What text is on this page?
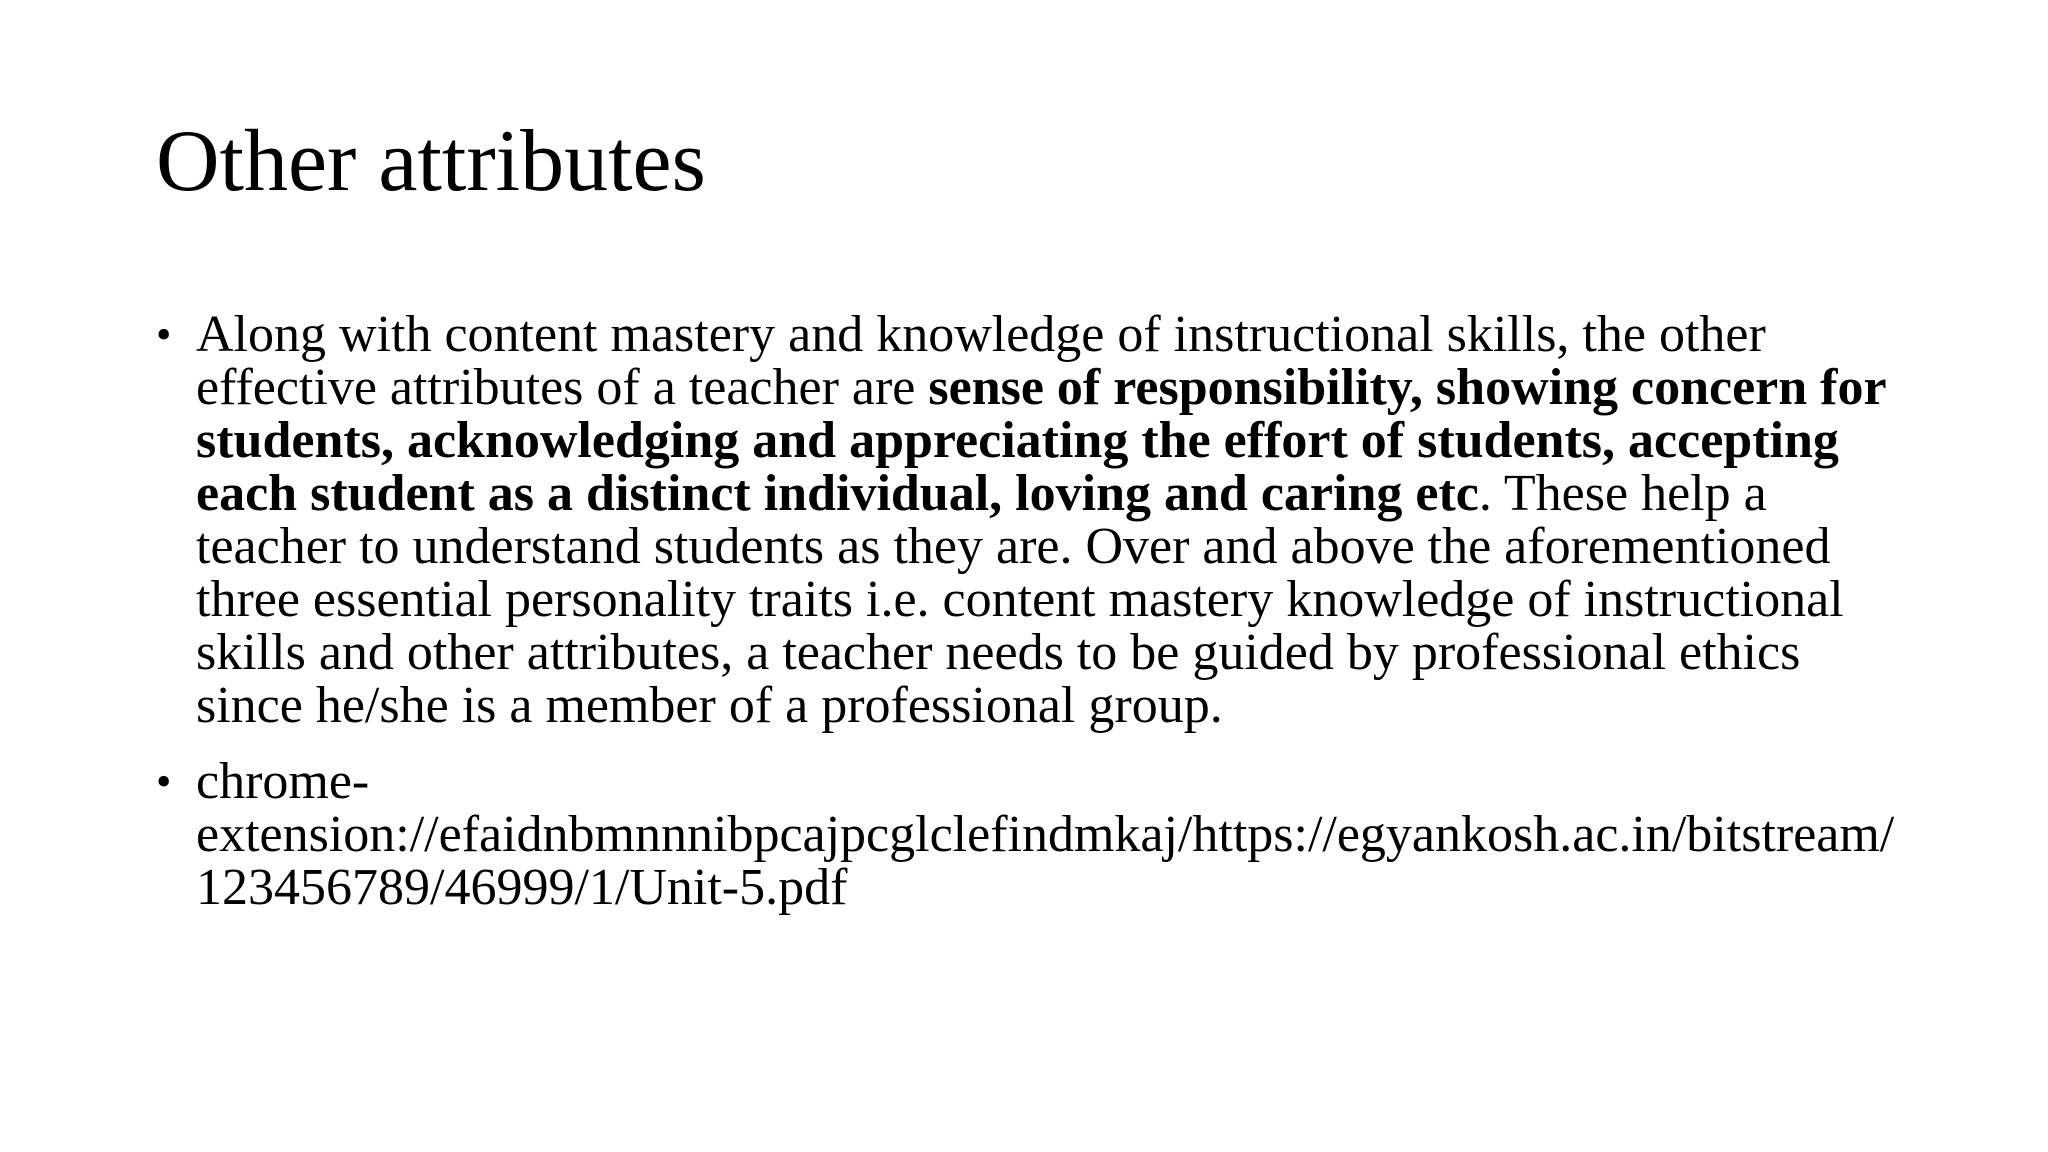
Other attributes
• Along with content mastery and knowledge of instructional skills, the other effective attributes of a teacher are sense of responsibility, showing concern for students, acknowledging and appreciating the effort of students, accepting each student as a distinct individual, loving and caring etc. These help a teacher to understand students as they are. Over and above the aforementioned three essential personality traits i.e. content mastery knowledge of instructional skills and other attributes, a teacher needs to be guided by professional ethics since he/she is a member of a professional group.
• chrome-
extension://efaidnbmnnnibpcajpcglclefindmkaj/https://egyankosh.ac.in/bitstream/123456789/46999/1/Unit-5.pdf
